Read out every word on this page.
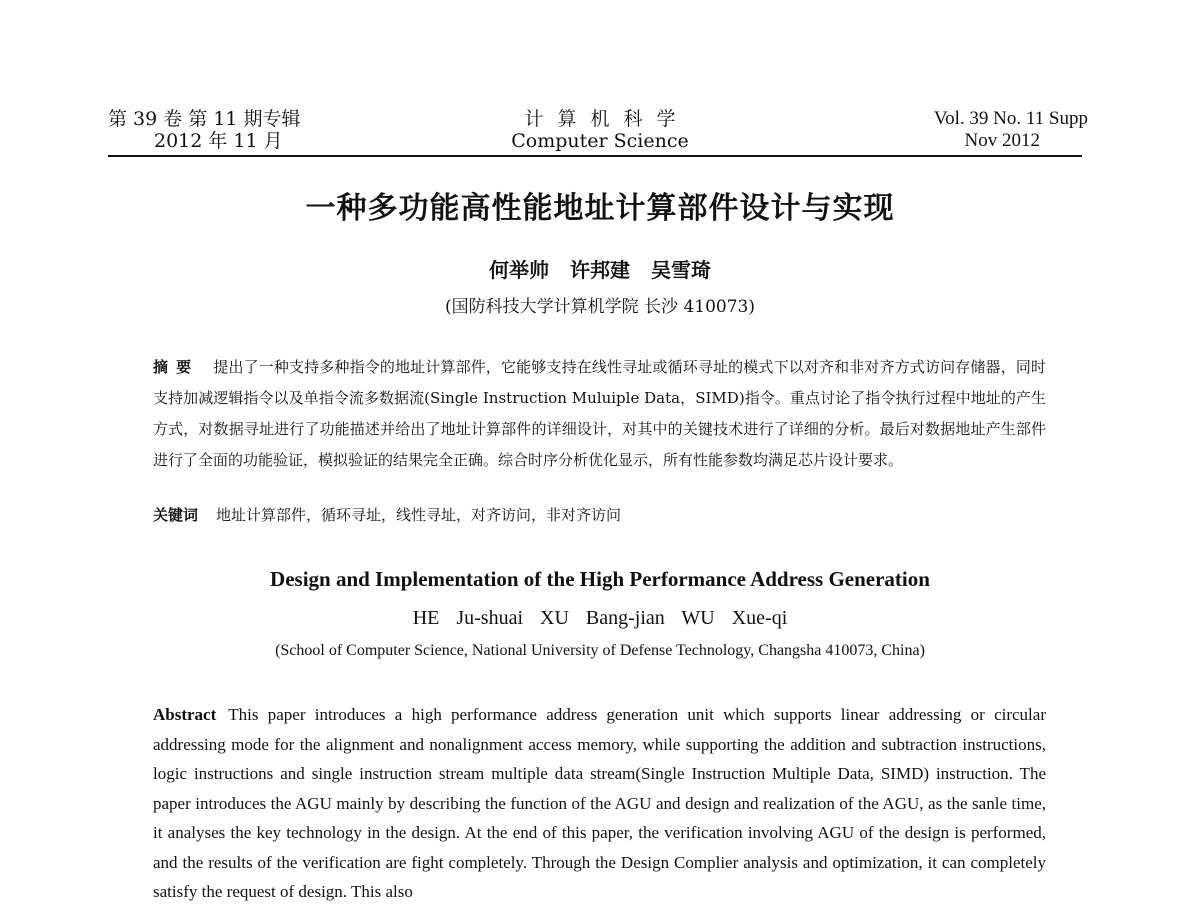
第 39 卷 第 11 期专辑
2012 年 11 月
计算机科学
Computer Science
Vol. 39 No. 11 Supp
Nov 2012
一种多功能高性能地址计算部件设计与实现
何举帅 许邦建 吴雪琦
(国防科技大学计算机学院 长沙 410073)
摘要 提出了一种支持多种指令的地址计算部件，它能够支持在线性寻址或循环寻址的模式下以对齐和非对齐方式访问存储器，同时支持加减逻辑指令以及单指令流多数据流(Single Instruction Muluiple Data，SIMD)指令。重点讨论了指令执行过程中地址的产生方式，对数据寻址进行了功能描述并给出了地址计算部件的详细设计，对其中的关键技术进行了详细的分析。最后对数据地址产生部件进行了全面的功能验证，模拟验证的结果完全正确。综合时序分析优化显示，所有性能参数均满足芯片设计要求。
关键词 地址计算部件，循环寻址，线性寻址，对齐访问，非对齐访问
Design and Implementation of the High Performance Address Generation
HE Ju-shuai XU Bang-jian WU Xue-qi
(School of Computer Science, National University of Defense Technology, Changsha 410073, China)
Abstract This paper introduces a high performance address generation unit which supports linear addressing or circular addressing mode for the alignment and nonalignment access memory, while supporting the addition and subtraction instructions, logic instructions and single instruction stream multiple data stream(Single Instruction Multiple Data, SIMD) instruction. The paper introduces the AGU mainly by describing the function of the AGU and design and realization of the AGU, as the sanle time, it analyses the key technology in the design. At the end of this paper, the verification involving AGU of the design is performed, and the results of the verification are fight completely. Through the Design Complier analysis and optimization, it can completely satisfy the request of design. This also
